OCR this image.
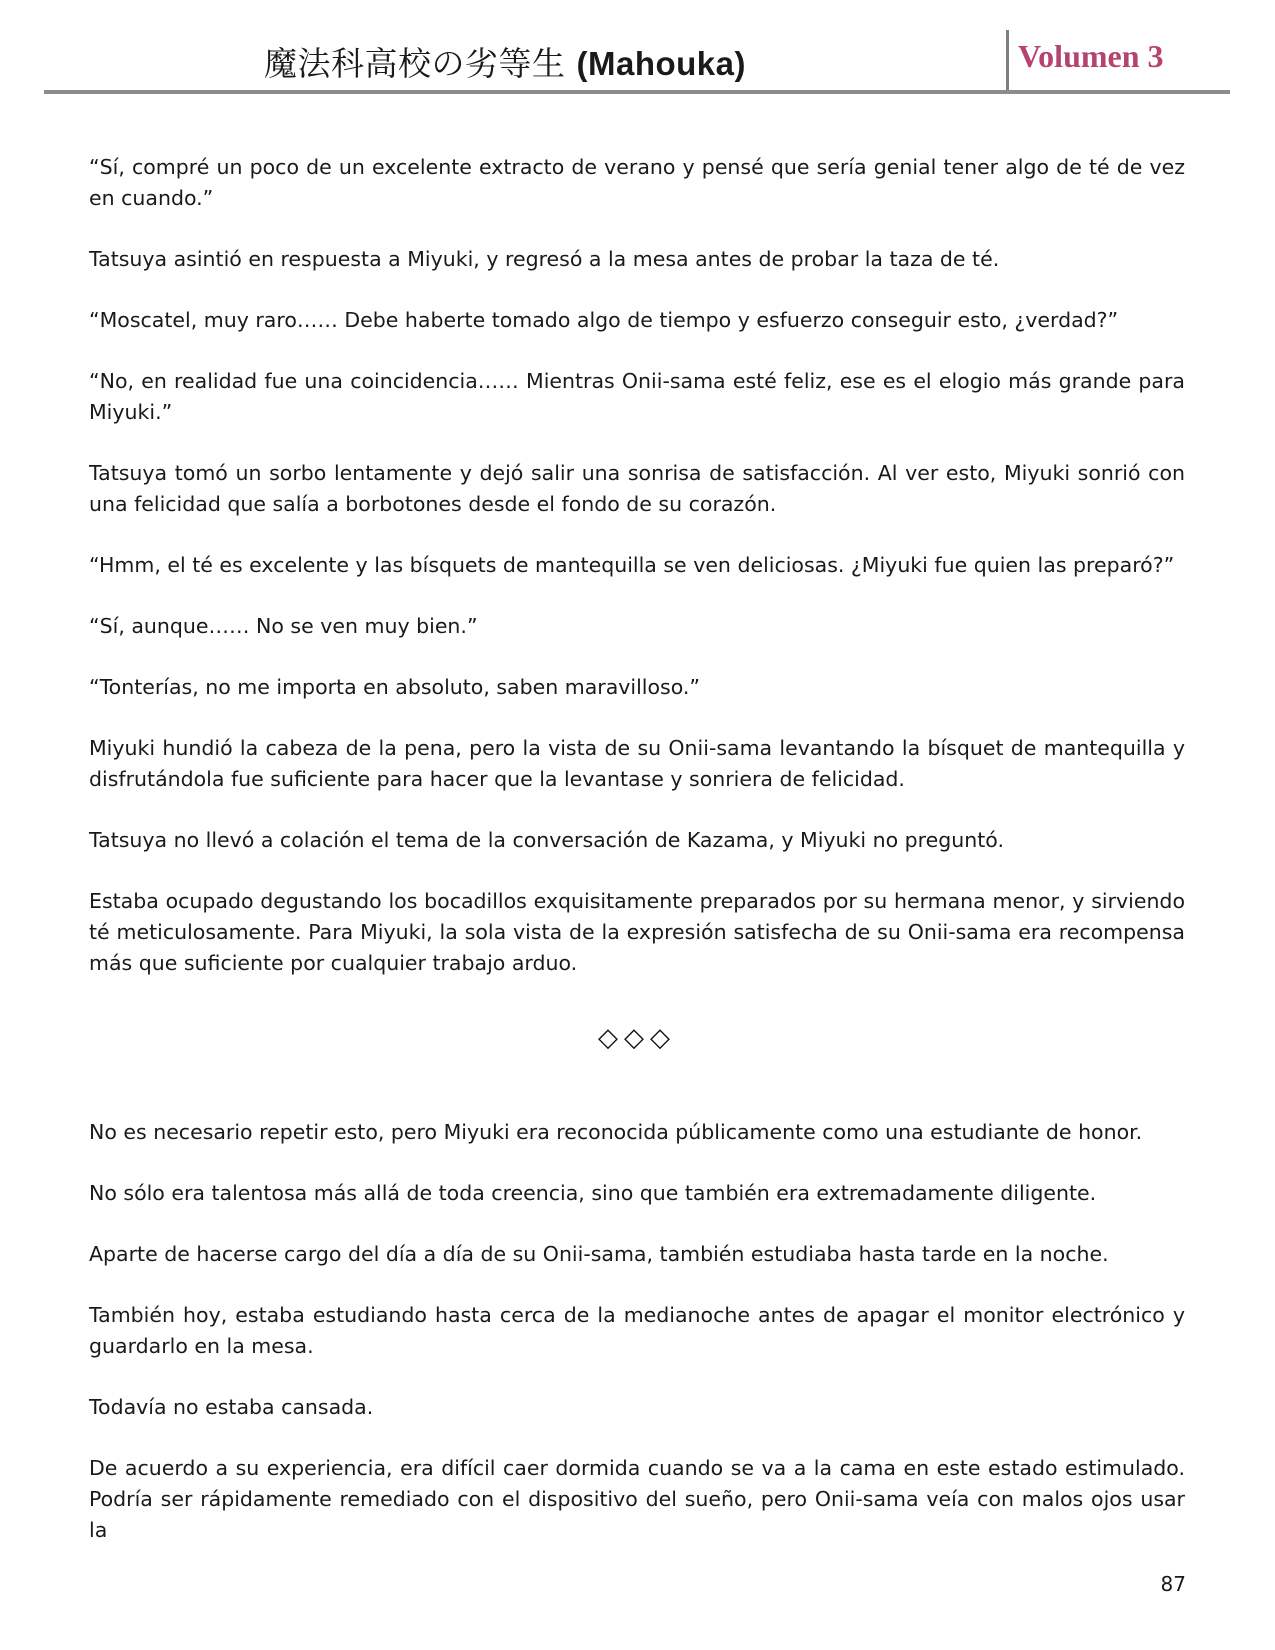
魔法科高校の劣等生 (Mahouka)	Volumen 3

“Sí, compré un poco de un excelente extracto de verano y pensé que sería genial tener algo de té de vez en cuando.”

Tatsuya asintió en respuesta a Miyuki, y regresó a la mesa antes de probar la taza de té.

“Moscatel, muy raro…… Debe haberte tomado algo de tiempo y esfuerzo conseguir esto, ¿verdad?”

“No, en realidad fue una coincidencia…… Mientras Onii-sama esté feliz, ese es el elogio más grande para Miyuki.”

Tatsuya tomó un sorbo lentamente y dejó salir una sonrisa de satisfacción. Al ver esto, Miyuki sonrió con una felicidad que salía a borbotones desde el fondo de su corazón.

“Hmm, el té es excelente y las bísquets de mantequilla se ven deliciosas. ¿Miyuki fue quien las preparó?”

“Sí, aunque…… No se ven muy bien.”

“Tonterías, no me importa en absoluto, saben maravilloso.”

Miyuki hundió la cabeza de la pena, pero la vista de su Onii-sama levantando la bísquet de mantequilla y disfrutándola fue suficiente para hacer que la levantase y sonriera de felicidad.

Tatsuya no llevó a colación el tema de la conversación de Kazama, y Miyuki no preguntó.

Estaba ocupado degustando los bocadillos exquisitamente preparados por su hermana menor, y sirviendo té meticulosamente. Para Miyuki, la sola vista de la expresión satisfecha de su Onii-sama era recompensa más que suficiente por cualquier trabajo arduo.

◇◇◇

No es necesario repetir esto, pero Miyuki era reconocida públicamente como una estudiante de honor.

No sólo era talentosa más allá de toda creencia, sino que también era extremadamente diligente.

Aparte de hacerse cargo del día a día de su Onii-sama, también estudiaba hasta tarde en la noche.

También hoy, estaba estudiando hasta cerca de la medianoche antes de apagar el monitor electrónico y guardarlo en la mesa.

Todavía no estaba cansada.

De acuerdo a su experiencia, era difícil caer dormida cuando se va a la cama en este estado estimulado. Podría ser rápidamente remediado con el dispositivo del sueño, pero Onii-sama veía con malos ojos usar la

87
